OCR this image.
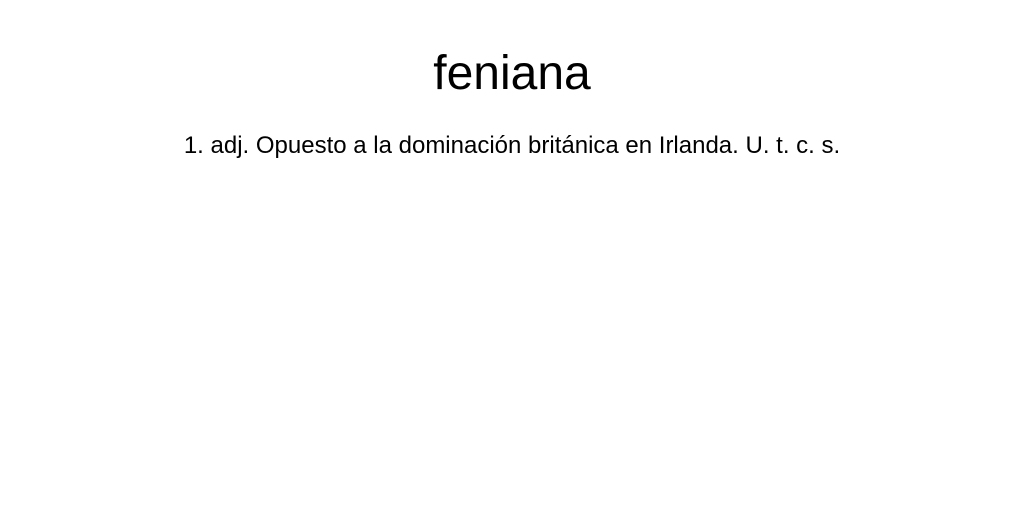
feniana

1. adj. Opuesto a la dominación británica en Irlanda. U. t. c. s.
